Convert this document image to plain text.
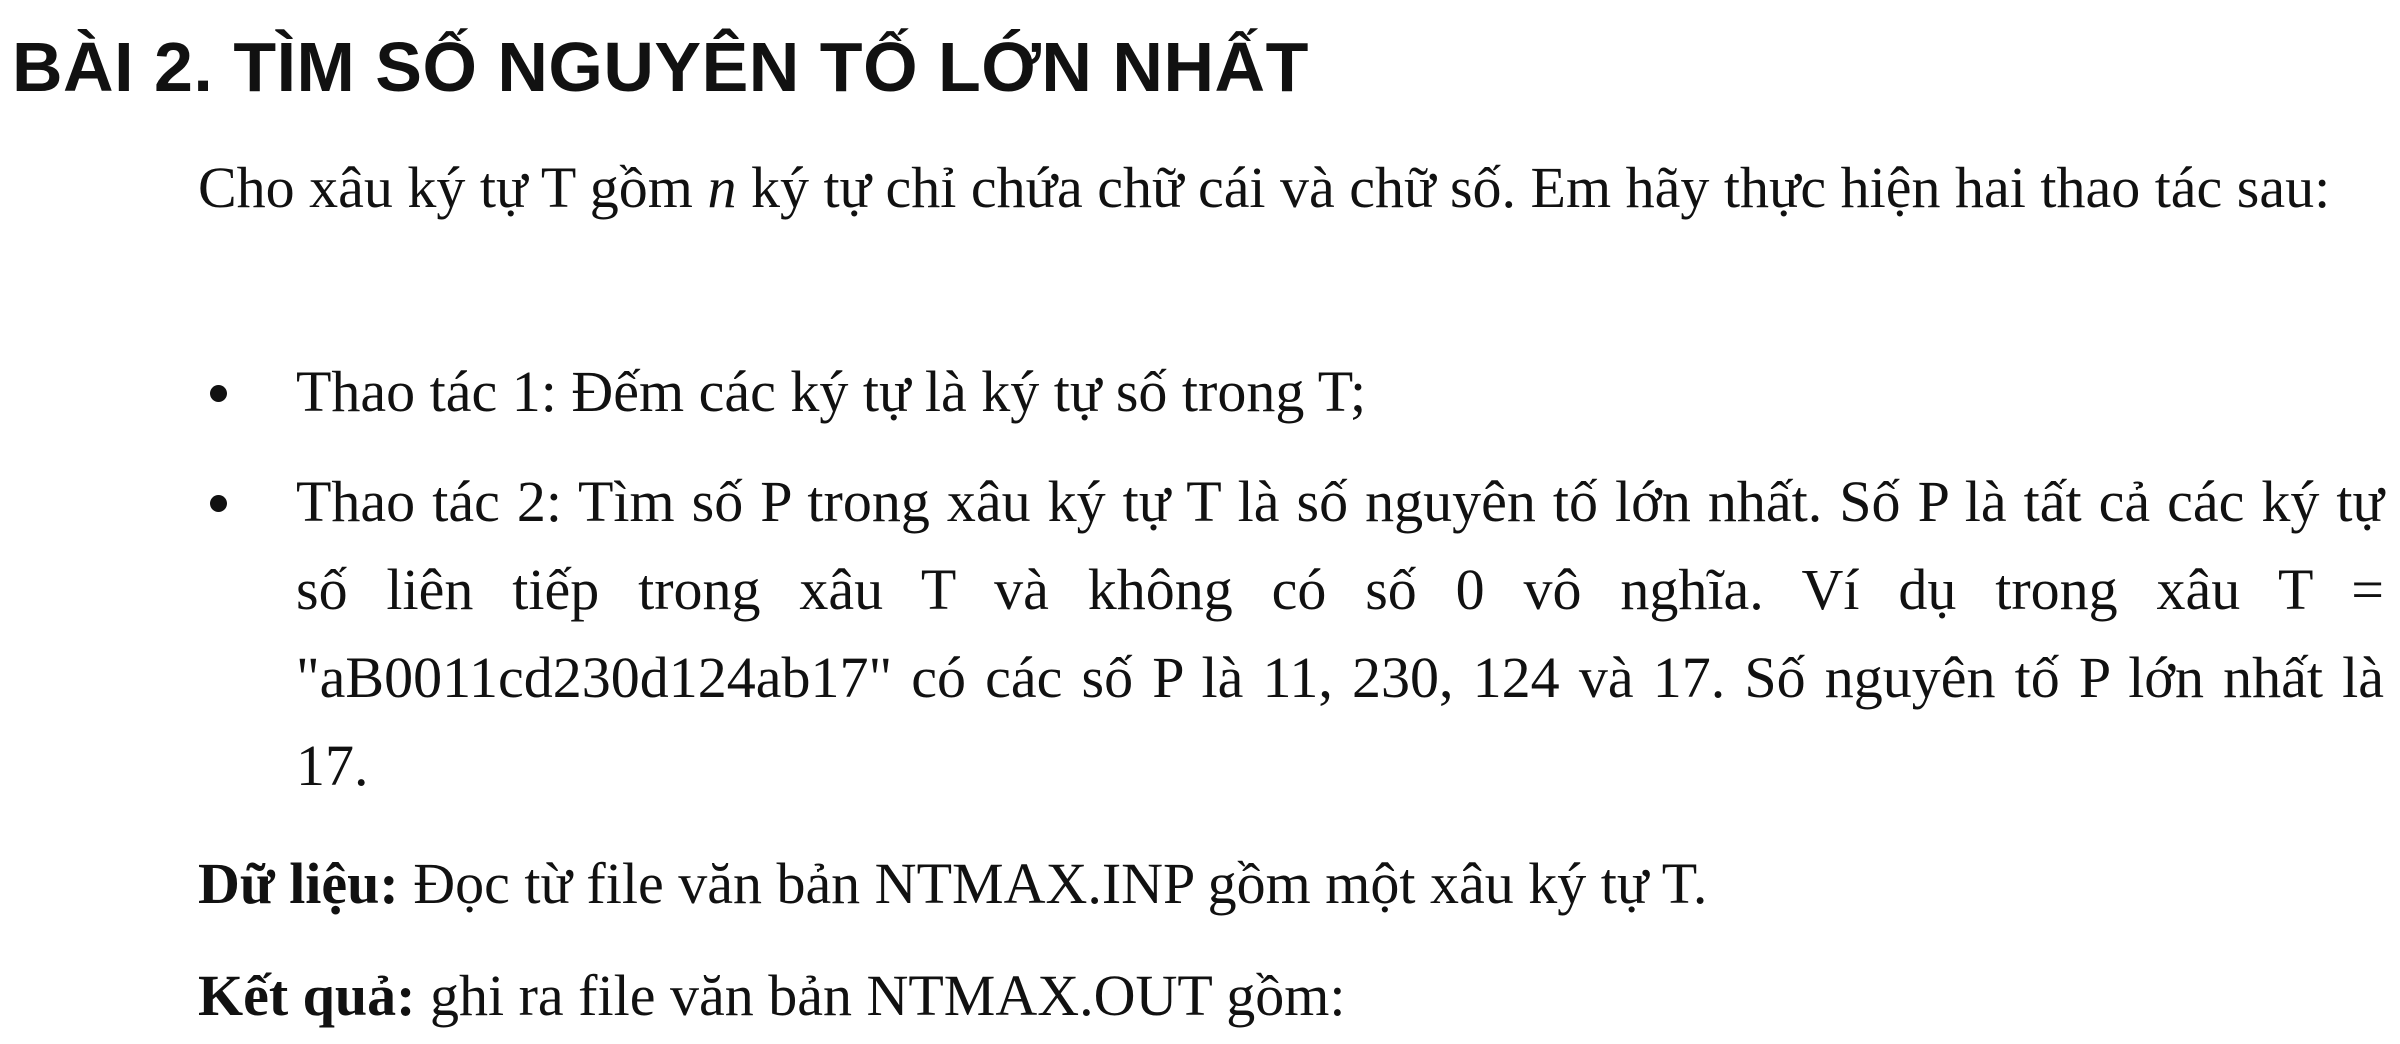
BÀI 2. TÌM SỐ NGUYÊN TỐ LỚN NHẤT

Cho xâu ký tự T gồm n ký tự chỉ chứa chữ cái và chữ số. Em hãy thực hiện hai thao tác sau:

Thao tác 1: Đếm các ký tự là ký tự số trong T;
Thao tác 2: Tìm số P trong xâu ký tự T là số nguyên tố lớn nhất. Số P là tất cả các ký tự số liên tiếp trong xâu T và không có số 0 vô nghĩa. Ví dụ trong xâu T = "aB0011cd230d124ab17" có các số P là 11, 230, 124 và 17. Số nguyên tố P lớn nhất là 17.

Dữ liệu: Đọc từ file văn bản NTMAX.INP gồm một xâu ký tự T.

Kết quả: ghi ra file văn bản NTMAX.OUT gồm:
